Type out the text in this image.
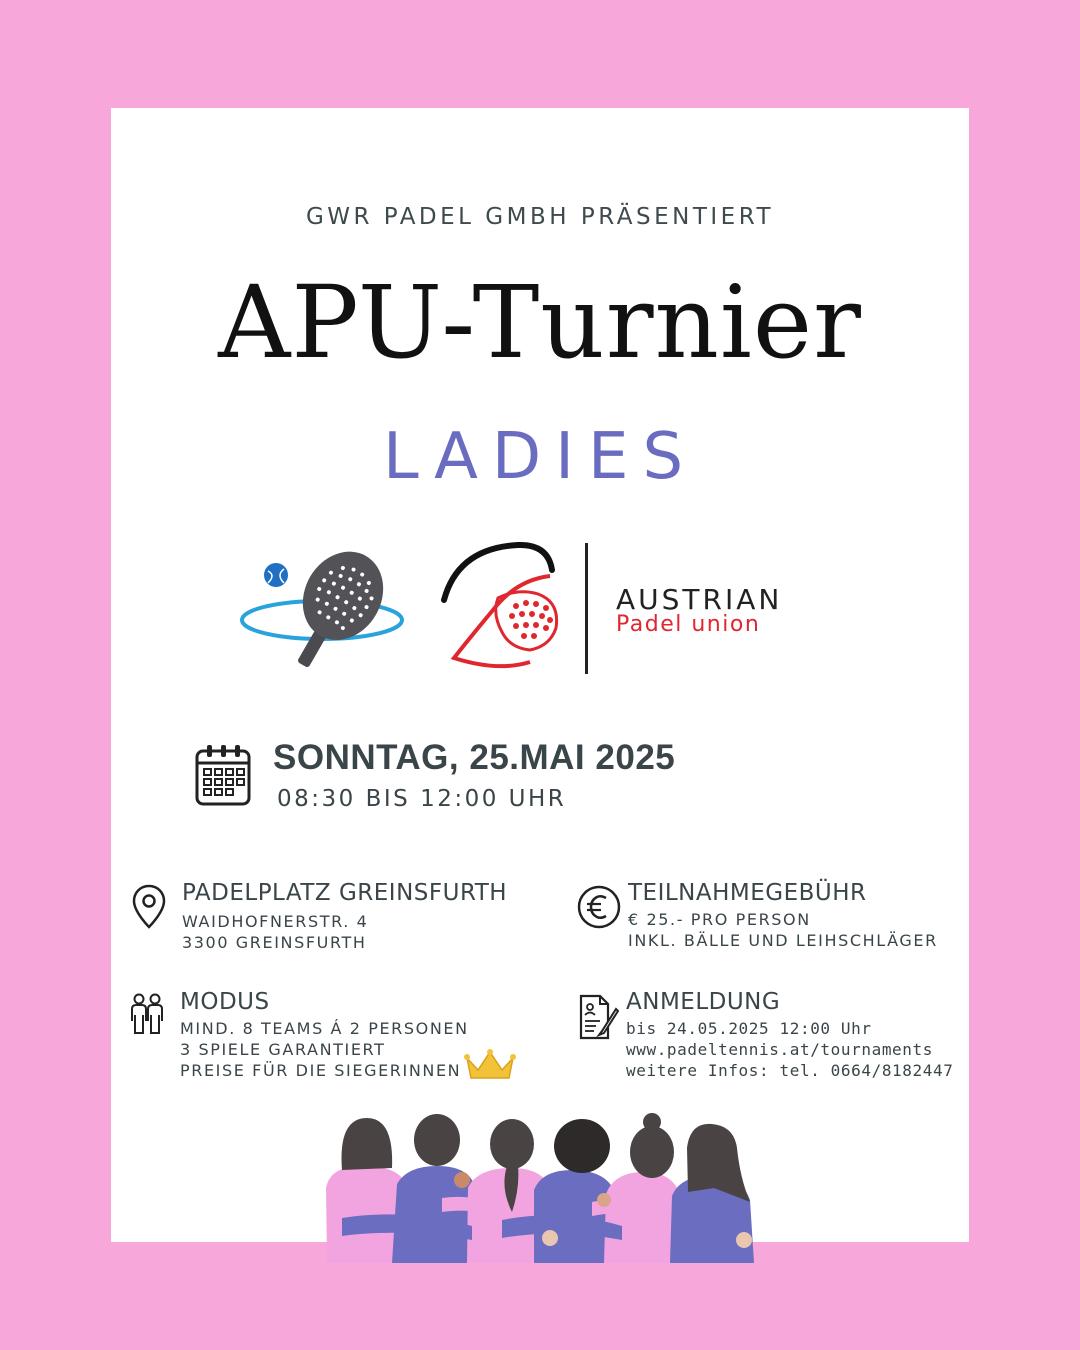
GWR PADEL GMBH PRÄSENTIERT
APU-Turnier
LADIES
AUSTRIAN
Padel union
SONNTAG, 25.MAI 2025
08:30 BIS 12:00 UHR
PADELPLATZ GREINSFURTH
WAIDHOFNERSTR. 4
3300 GREINSFURTH
TEILNAHMEGEBÜHR
€ 25.- PRO PERSON
INKL. BÄLLE UND LEIHSCHLÄGER
MODUS
MIND. 8 TEAMS Á 2 PERSONEN
3 SPIELE GARANTIERT
PREISE FÜR DIE SIEGERINNEN
ANMELDUNG
bis 24.05.2025 12:00 Uhr
www.padeltennis.at/tournaments
weitere Infos: tel. 0664/8182447
